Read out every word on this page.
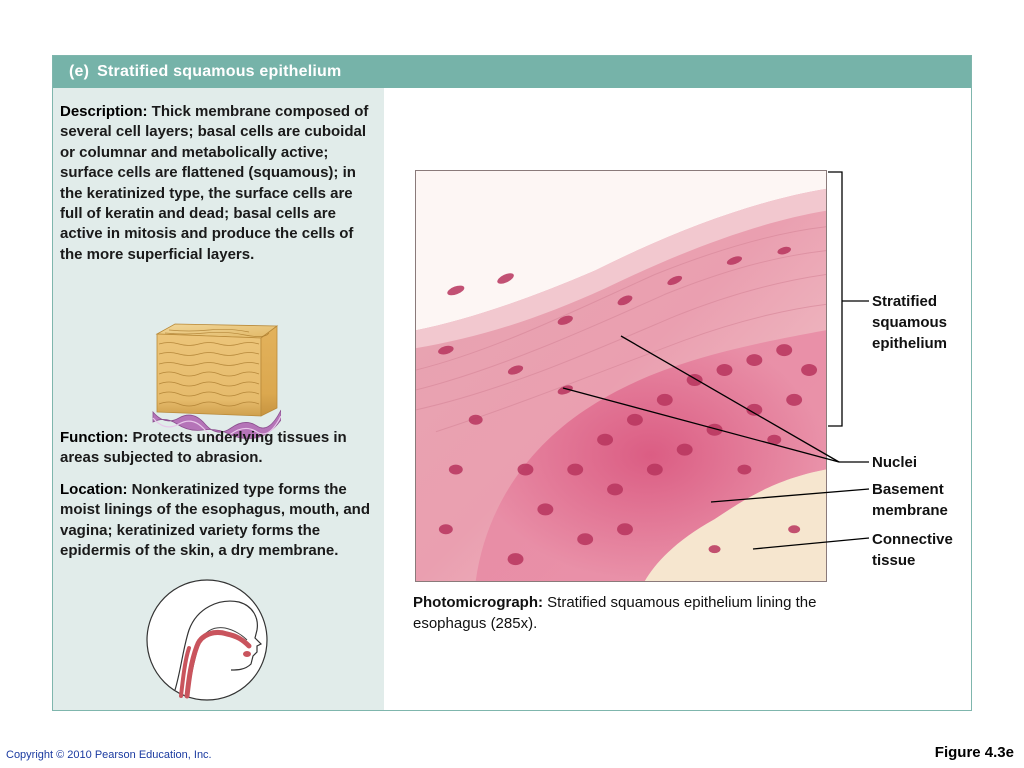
(e) Stratified squamous epithelium
Description: Thick membrane composed of several cell layers; basal cells are cuboidal or columnar and metabolically active; surface cells are flattened (squamous); in the keratinized type, the surface cells are full of keratin and dead; basal cells are active in mitosis and produce the cells of the more superficial layers.
Function: Protects underlying tissues in areas subjected to abrasion.
Location: Nonkeratinized type forms the moist linings of the esophagus, mouth, and vagina; keratinized variety forms the epidermis of the skin, a dry membrane.
Photomicrograph: Stratified squamous epithelium lining the esophagus (285x).
Stratified
squamous
epithelium
Nuclei
Basement
membrane
Connective
tissue
Copyright © 2010 Pearson Education, Inc.	Figure 4.3e
